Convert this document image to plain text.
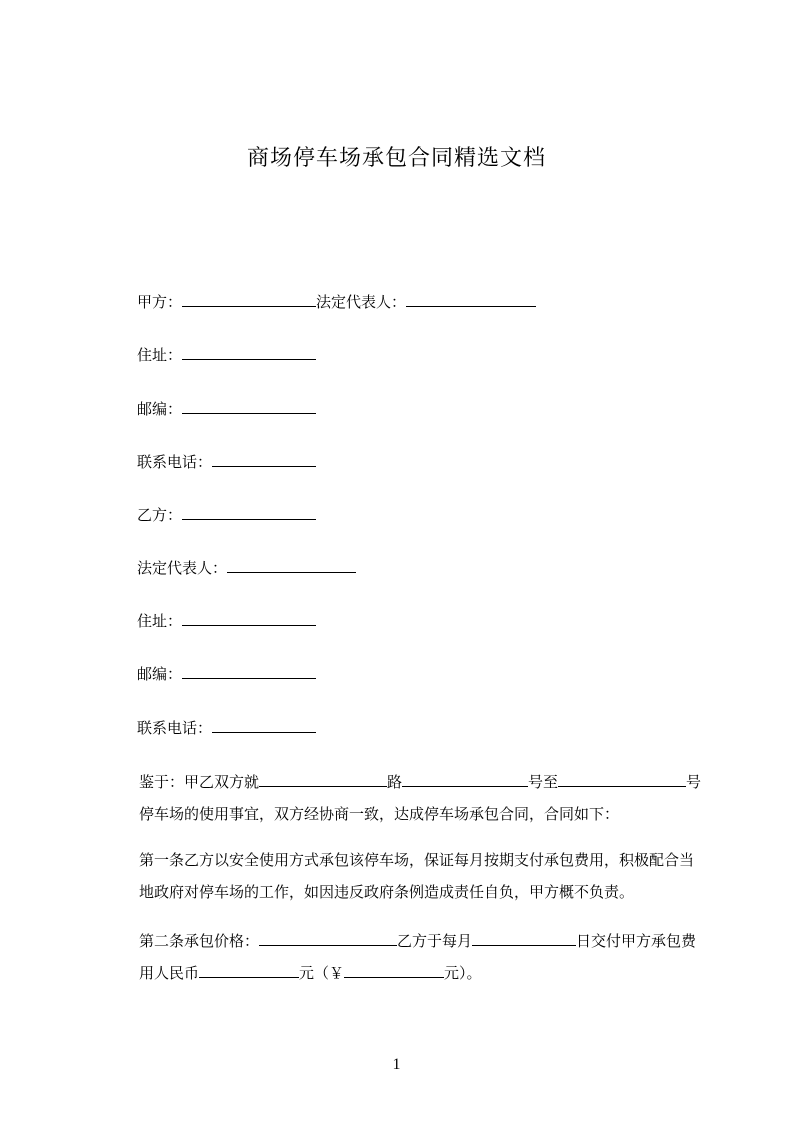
商场停车场承包合同精选文档
甲方：	法定代表人：
住址：
邮编：
联系电话：
乙方：
法定代表人：
住址：
邮编：
联系电话：

鉴于：甲乙双方就	路	号至	号停车场的使用事宜，双方经协商一致，达成停车场承包合同，合同如下：

第一条乙方以安全使用方式承包该停车场，保证每月按期支付承包费用，积极配合当地政府对停车场的工作，如因违反政府条例造成责任自负，甲方概不负责。

第二条承包价格：	乙方于每月	日交付甲方承包费用人民币	元（￥	元）。

1
